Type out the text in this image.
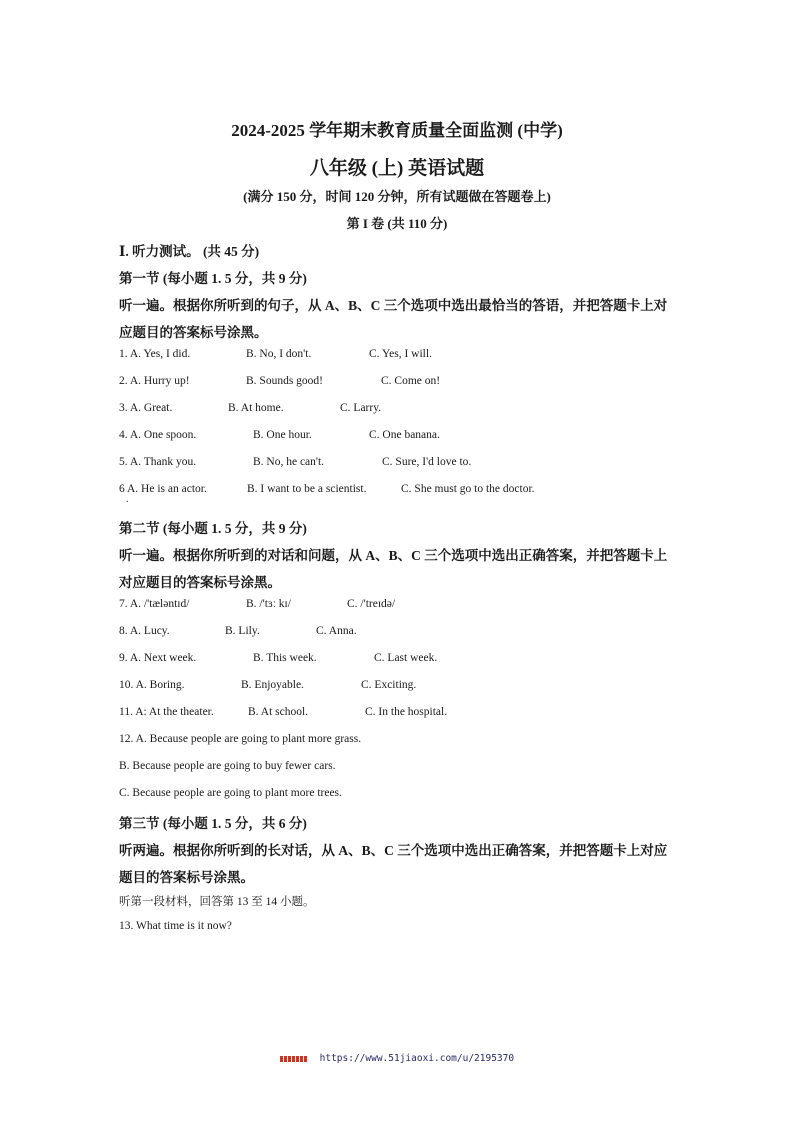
2024-2025 学年期末教育质量全面监测 (中学)
八年级 (上) 英语试题
(满分 150 分，时间 120 分钟，所有试题做在答题卷上)
第 I 卷 (共 110 分)
Ⅰ. 听力测试。 (共 45 分)
第一节 (每小题 1. 5 分，共 9 分)
听一遍。根据你所听到的句子，从 A、B、C 三个选项中选出最恰当的答语，并把答题卡上对
应题目的答案标号涂黑。
1. A. Yes, I did.	B. No, I don't.	C. Yes, I will.
2. A. Hurry up!	B. Sounds good!	C. Come on!
3. A. Great.	B. At home.	C. Larry.
4. A. One spoon.	B. One hour.	C. One banana.
5. A. Thank you.	B. No, he can't.	C. Sure, I'd love to.
6 A. He is an actor.	B. I want to be a scientist.	C. She must go to the doctor.
.
第二节 (每小题 1. 5 分，共 9 分)
听一遍。根据你所听到的对话和问题，从 A、B、C 三个选项中选出正确答案，并把答题卡上
对应题目的答案标号涂黑。
7. A. /'tæləntɪd/	B. /'tɜː kɪ/	C. /'treɪdə/
8. A. Lucy.	B. Lily.	C. Anna.
9. A. Next week.	B. This week.	C. Last week.
10. A. Boring.	B. Enjoyable.	C. Exciting.
11. A: At the theater.	B. At school.	C. In the hospital.
12. A. Because people are going to plant more grass.
B. Because people are going to buy fewer cars.
C. Because people are going to plant more trees.
第三节 (每小题 1. 5 分，共 6 分)
听两遍。根据你所听到的长对话，从 A、B、C 三个选项中选出正确答案，并把答题卡上对应
题目的答案标号涂黑。
听第一段材料，回答第 13 至 14 小题。
13. What time is it now?
https://www.51jiaoxi.com/u/2195370
